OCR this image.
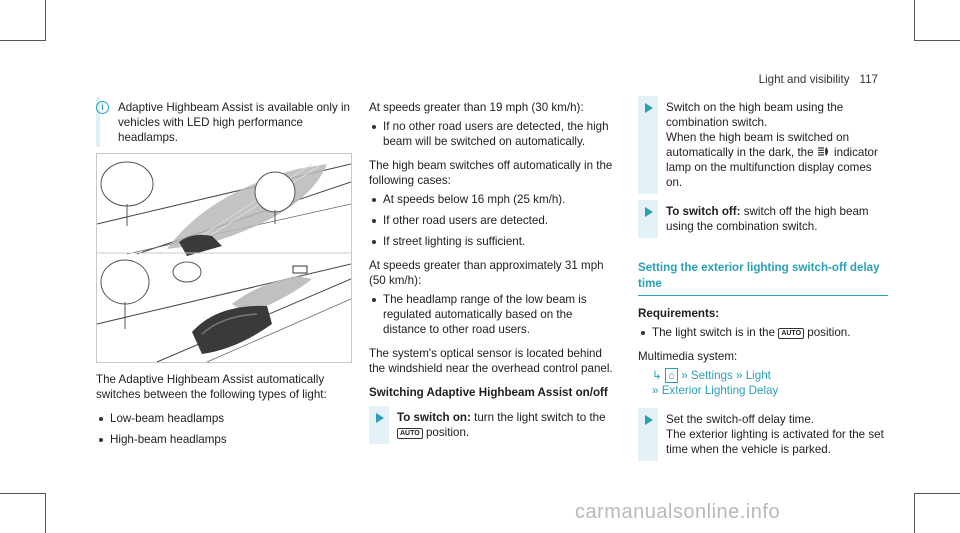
Light and visibility 117
i	Adaptive Highbeam Assist is available only in vehicles with LED high performance headlamps.

The Adaptive Highbeam Assist automatically switches between the following types of light:

Low-beam headlamps
High-beam headlamps

At speeds greater than 19 mph (30 km/h):

If no other road users are detected, the high beam will be switched on automatically.

The high beam switches off automatically in the following cases:

At speeds below 16 mph (25 km/h).
If other road users are detected.
If street lighting is sufficient.

At speeds greater than approximately 31 mph (50 km/h):

The headlamp range of the low beam is regulated automatically based on the distance to other road users.

The system's optical sensor is located behind the windshield near the overhead control panel.

Switching Adaptive Highbeam Assist on/off

To switch on: turn the light switch to the
AUTO position.
Switch on the high beam using the combination switch.
When the high beam is switched on automatically in the dark, the indicator lamp on the multifunction display comes on.
To switch off: switch off the high beam using the combination switch.
Setting the exterior lighting switch-off delay time

Requirements:

The light switch is in the AUTO position.

Multimedia system:

↳ ⌂ » Settings » Light
» Exterior Lighting Delay
Set the switch-off delay time.
The exterior lighting is activated for the set time when the vehicle is parked.
carmanualsonline.info
